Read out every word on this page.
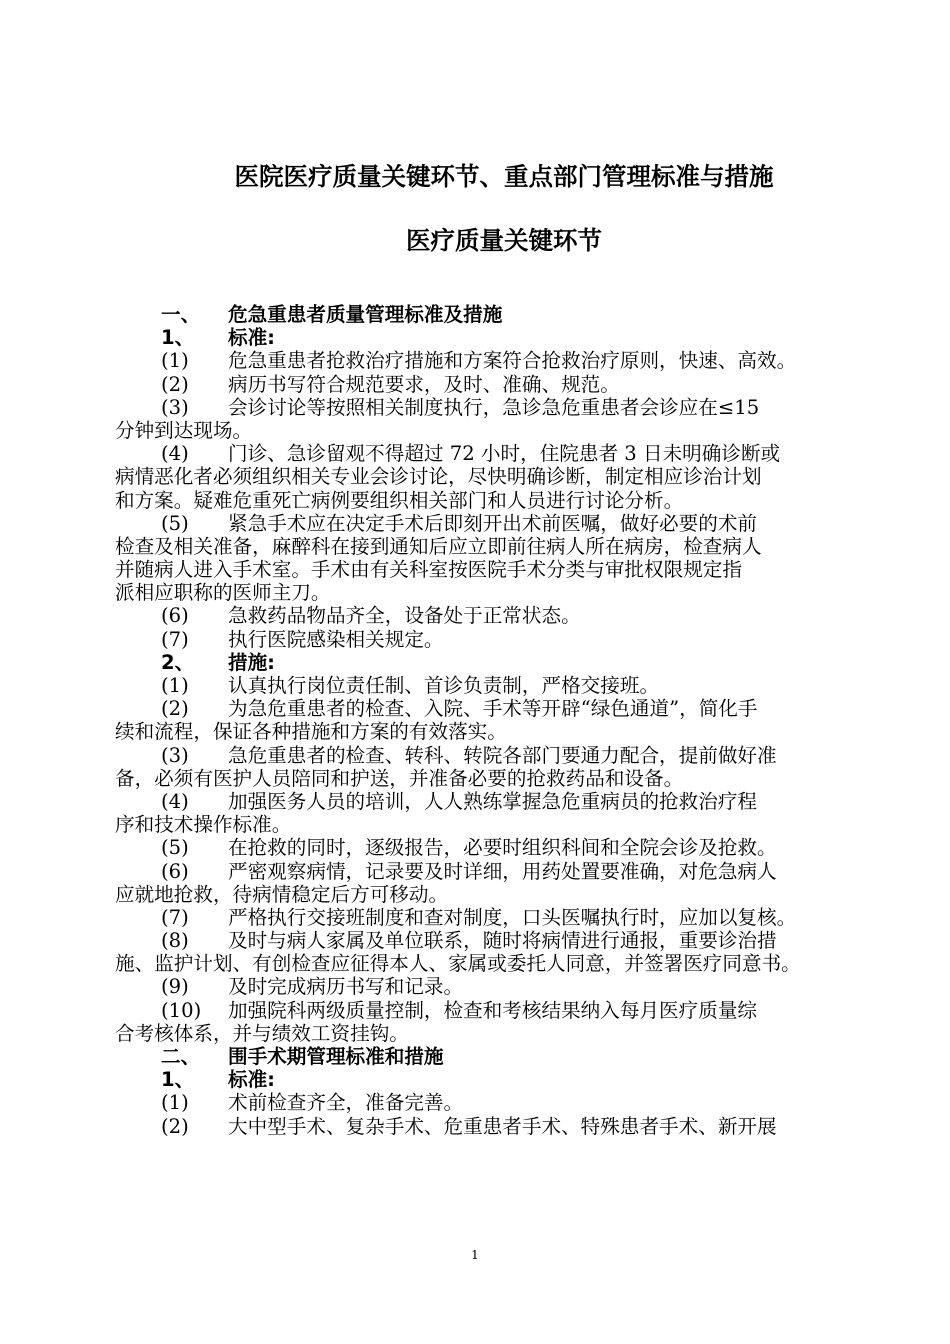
医院医疗质量关键环节、重点部门管理标准与措施
医疗质量关键环节
一、 危急重患者质量管理标准及措施
1、 标准:
(1) 危急重患者抢救治疗措施和方案符合抢救治疗原则，快速、高效。
(2) 病历书写符合规范要求，及时、准确、规范。
(3) 会诊讨论等按照相关制度执行，急诊急危重患者会诊应在≤15
分钟到达现场。
(4) 门诊、急诊留观不得超过 72 小时，住院患者 3 日未明确诊断或
病情恶化者必须组织相关专业会诊讨论，尽快明确诊断，制定相应诊治计划
和方案。疑难危重死亡病例要组织相关部门和人员进行讨论分析。
(5) 紧急手术应在决定手术后即刻开出术前医嘱，做好必要的术前
检查及相关准备，麻醉科在接到通知后应立即前往病人所在病房，检查病人
并随病人进入手术室。手术由有关科室按医院手术分类与审批权限规定指
派相应职称的医师主刀。
(6) 急救药品物品齐全，设备处于正常状态。
(7) 执行医院感染相关规定。
2、 措施:
(1) 认真执行岗位责任制、首诊负责制，严格交接班。
(2) 为急危重患者的检查、入院、手术等开辟“绿色通道”，简化手
续和流程，保证各种措施和方案的有效落实。
(3) 急危重患者的检查、转科、转院各部门要通力配合，提前做好准
备，必须有医护人员陪同和护送，并准备必要的抢救药品和设备。
(4) 加强医务人员的培训，人人熟练掌握急危重病员的抢救治疗程
序和技术操作标准。
(5) 在抢救的同时，逐级报告，必要时组织科间和全院会诊及抢救。
(6) 严密观察病情，记录要及时详细，用药处置要准确，对危急病人
应就地抢救，待病情稳定后方可移动。
(7) 严格执行交接班制度和查对制度，口头医嘱执行时，应加以复核。
(8) 及时与病人家属及单位联系，随时将病情进行通报，重要诊治措
施、监护计划、有创检查应征得本人、家属或委托人同意，并签署医疗同意书。
(9) 及时完成病历书写和记录。
(10) 加强院科两级质量控制，检查和考核结果纳入每月医疗质量综
合考核体系，并与绩效工资挂钩。
二、 围手术期管理标准和措施
1、 标准:
(1) 术前检查齐全，准备完善。
(2) 大中型手术、复杂手术、危重患者手术、特殊患者手术、新开展
1
